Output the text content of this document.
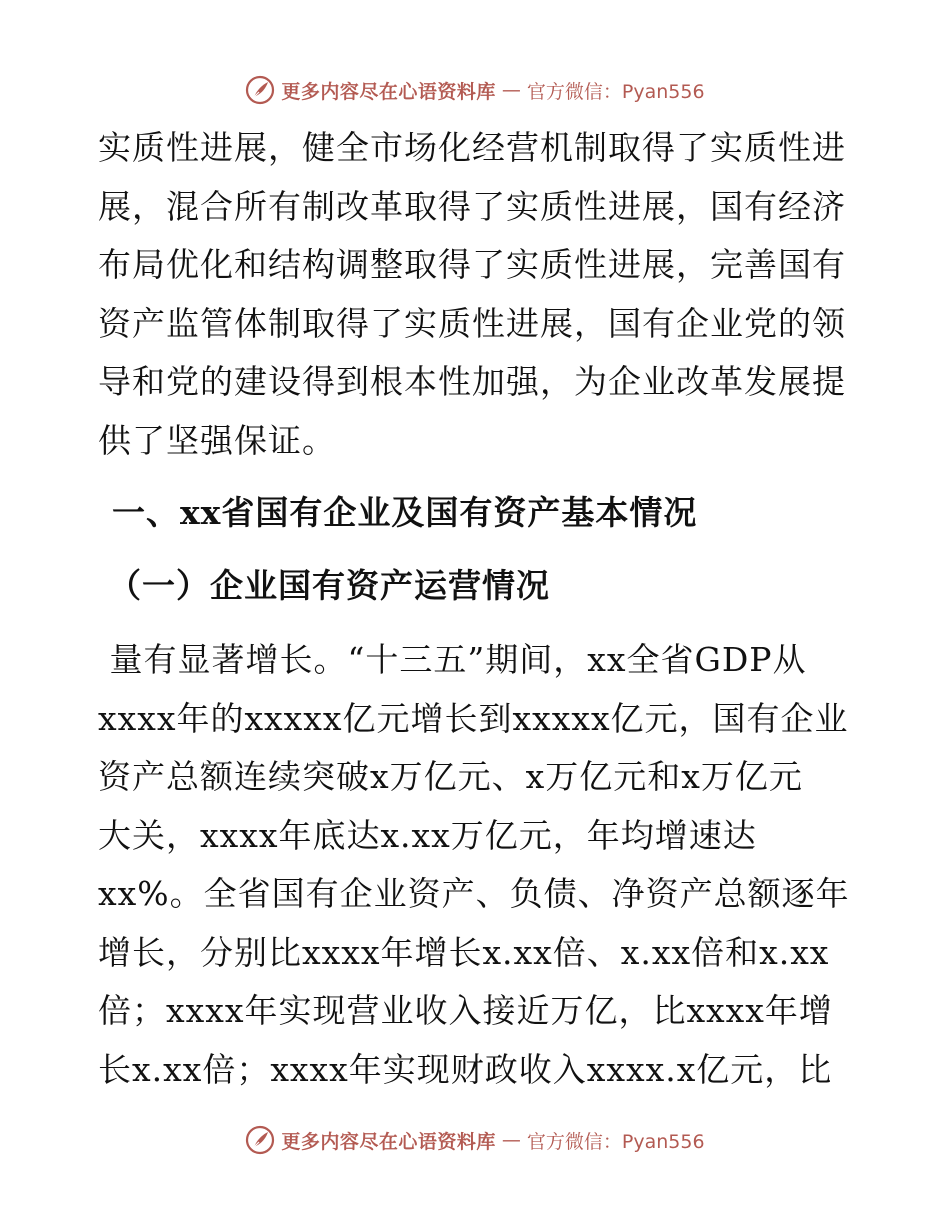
更多内容尽在心语资料库 — 官方微信：Pyan556

实质性进展，健全市场化经营机制取得了实质性进
展，混合所有制改革取得了实质性进展，国有经济
布局优化和结构调整取得了实质性进展，完善国有
资产监管体制取得了实质性进展，国有企业党的领
导和党的建设得到根本性加强，为企业改革发展提
供了坚强保证。

一、xx省国有企业及国有资产基本情况
（一）企业国有资产运营情况

量有显著增长。“十三五”期间，xx全省GDP从
xxxx年的xxxxx亿元增长到xxxxx亿元，国有企业
资产总额连续突破x万亿元、x万亿元和x万亿元
大关，xxxx年底达x.xx万亿元，年均增速达
xx%。全省国有企业资产、负债、净资产总额逐年
增长，分别比xxxx年增长x.xx倍、x.xx倍和x.xx
倍；xxxx年实现营业收入接近万亿，比xxxx年增
长x.xx倍；xxxx年实现财政收入xxxx.x亿元，比

更多内容尽在心语资料库 — 官方微信：Pyan556
